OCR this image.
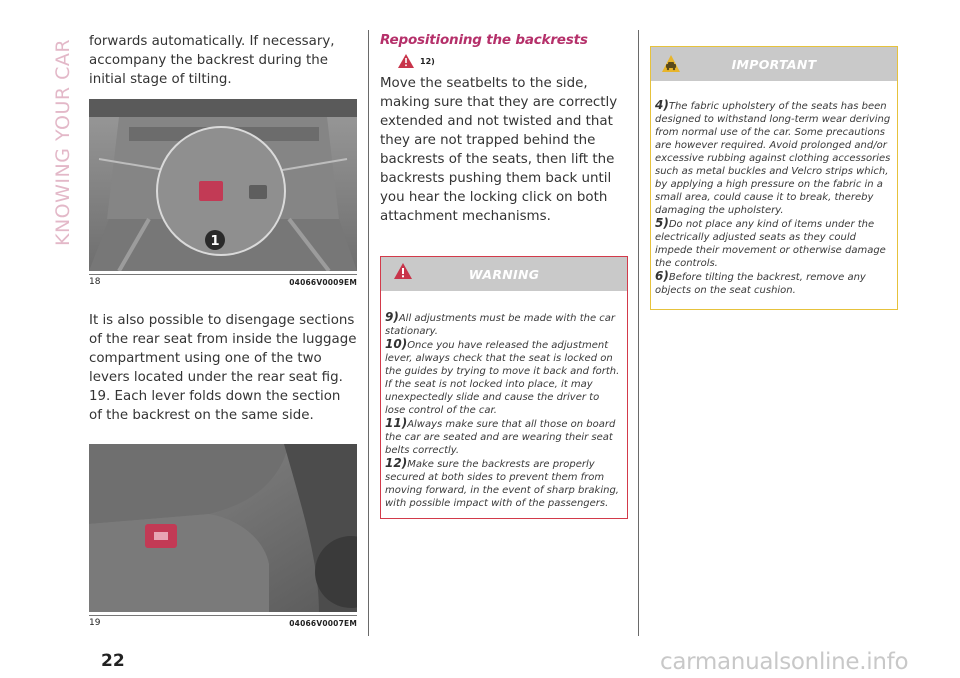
KNOWING YOUR CAR forwards automatically. If necessary, accompany the backrest during the initial stage of tilting.

1
18	04066V0009EM

It is also possible to disengage sections of the rear seat from inside the luggage compartment using one of the two levers located under the rear seat fig. 19. Each lever folds down the section of the backrest on the same side.

19	04066V0007EM
Repositioning the backrests
12)

Move the seatbelts to the side, making sure that they are correctly extended and not twisted and that they are not trapped behind the backrests of the seats, then lift the backrests pushing them back until you hear the locking click on both attachment mechanisms.

WARNING

9)All adjustments must be made with the car stationary.

10)Once you have released the adjustment lever, always check that the seat is locked on the guides by trying to move it back and forth. If the seat is not locked into place, it may unexpectedly slide and cause the driver to lose control of the car.

11)Always make sure that all those on board the car are seated and are wearing their seat belts correctly.

12)Make sure the backrests are properly secured at both sides to prevent them from moving forward, in the event of sharp braking, with possible impact with of the passengers.

IMPORTANT

4)The fabric upholstery of the seats has been designed to withstand long-term wear deriving from normal use of the car. Some precautions are however required. Avoid prolonged and/or excessive rubbing against clothing accessories such as metal buckles and Velcro strips which, by applying a high pressure on the fabric in a small area, could cause it to break, thereby damaging the upholstery.

5)Do not place any kind of items under the electrically adjusted seats as they could impede their movement or otherwise damage the controls.

6)Before tilting the backrest, remove any objects on the seat cushion.

22	carmanualsonline.info
